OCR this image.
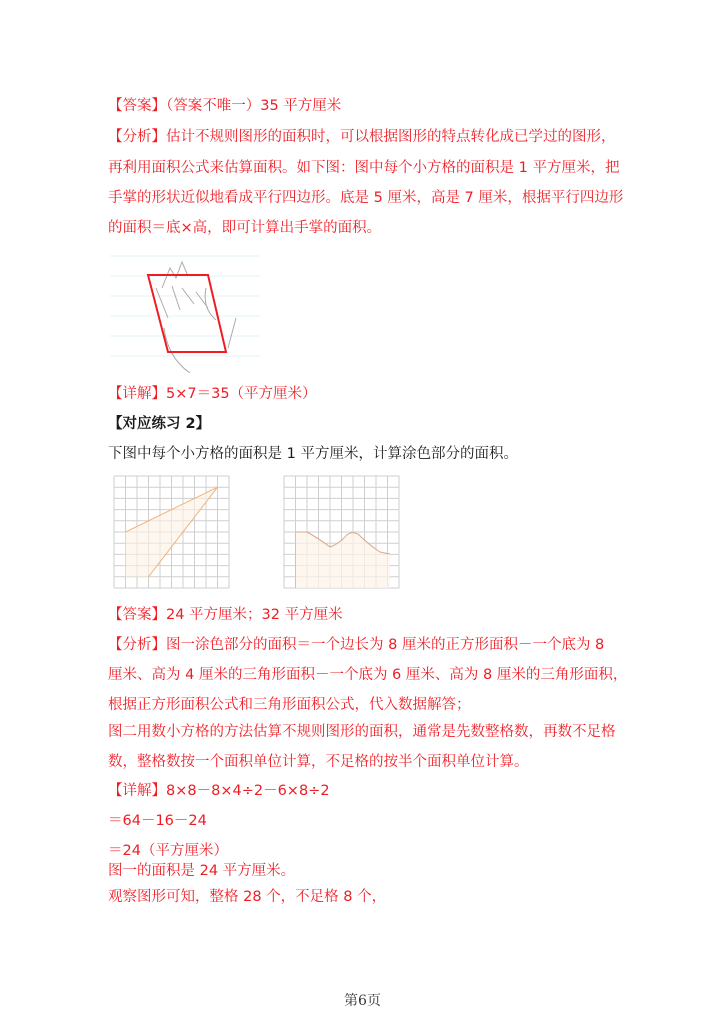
【答案】（答案不唯一）35 平方厘米
【分析】估计不规则图形的面积时，可以根据图形的特点转化成已学过的图形，
再利用面积公式来估算面积。如下图：图中每个小方格的面积是 1 平方厘米，把
手掌的形状近似地看成平行四边形。底是 5 厘米，高是 7 厘米，根据平行四边形
的面积＝底×高，即可计算出手掌的面积。
【详解】5×7＝35（平方厘米）
【对应练习 2】
下图中每个小方格的面积是 1 平方厘米，计算涂色部分的面积。
【答案】24 平方厘米；32 平方厘米
【分析】图一涂色部分的面积＝一个边长为 8 厘米的正方形面积－一个底为 8
厘米、高为 4 厘米的三角形面积－一个底为 6 厘米、高为 8 厘米的三角形面积，
根据正方形面积公式和三角形面积公式，代入数据解答；
图二用数小方格的方法估算不规则图形的面积，通常是先数整格数，再数不足格
数，整格数按一个面积单位计算，不足格的按半个面积单位计算。
【详解】8×8－8×4÷2－6×8÷2
＝64－16－24
＝24（平方厘米）
图一的面积是 24 平方厘米。
观察图形可知，整格 28 个，不足格 8 个，
第6页
